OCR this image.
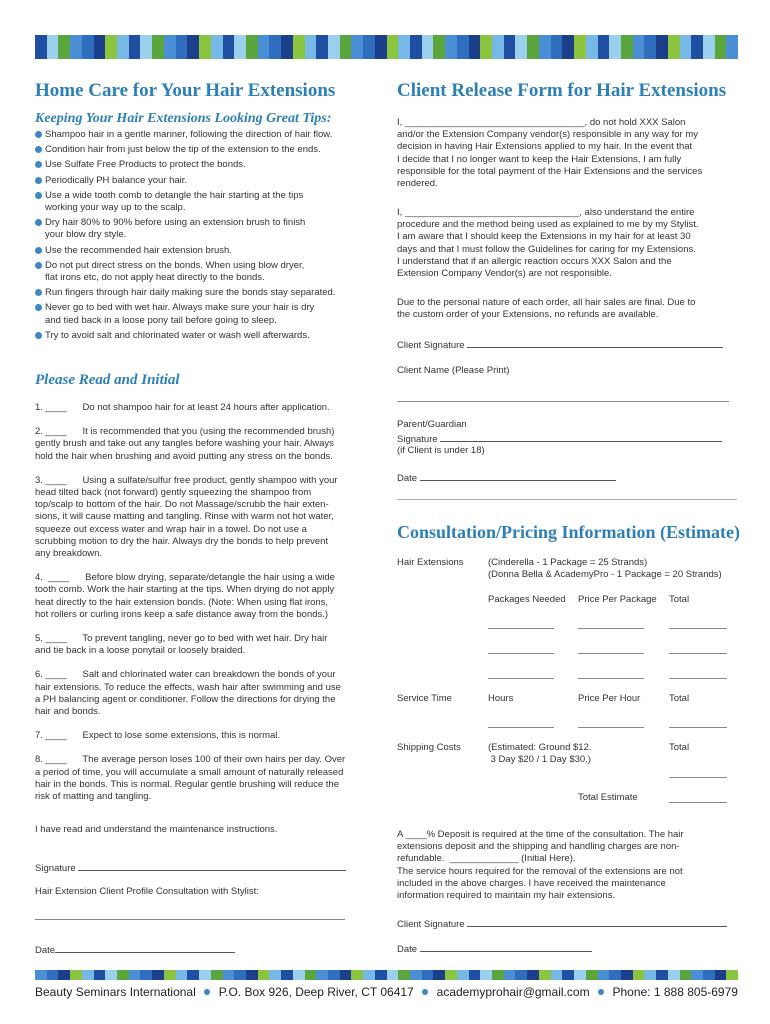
Home Care for Your Hair Extensions
Keeping Your Hair Extensions Looking Great Tips:
Shampoo hair in a gentle manner, following the direction of hair flow.
Condition hair from just below the tip of the extension to the ends.
Use Sulfate Free Products to protect the bonds.
Periodically PH balance your hair.
Use a wide tooth comb to detangle the hair starting at the tips
working your way up to the scalp.
Dry hair 80% to 90% before using an extension brush to finish
your blow dry style.
Use the recommended hair extension brush.
Do not put direct stress on the bonds. When using blow dryer,
flat irons etc, do not apply heat directly to the bonds.
Run fingers through hair daily making sure the bonds stay separated.
Never go to bed with wet hair. Always make sure your hair is dry
and tied back in a loose pony tail before going to sleep.
Try to avoid salt and chlorinated water or wash well afterwards.
Please Read and Initial

1. ____      Do not shampoo hair for at least 24 hours after application.

2. ____      It is recommended that you (using the recommended brush)

gently brush and take out any tangles before washing your hair. Always

hold the hair when brushing and avoid putting any stress on the bonds.

3. ____      Using a sulfate/sulfur free product, gently shampoo with your

head tilted back (not forward) gently squeezing the shampoo from

top/scalp to bottom of the hair. Do not Massage/scrubb the hair exten-

sions, it will cause matting and tangling. Rinse with warm not hot water,

squeeze out excess water and wrap hair in a towel. Do not use a

scrubbing motion to dry the hair. Always dry the bonds to help prevent

any breakdown.

4.  ____      Before blow drying, separate/detangle the hair using a wide

tooth comb. Work the hair starting at the tips. When drying do not apply

heat directly to the hair extension bonds. (Note: When using flat irons,

hot rollers or curling irons keep a safe distance away from the bonds.)

5. ____      To prevent tangling, never go to bed with wet hair. Dry hair

and tie back in a loose ponytail or loosely braided.

6. ____      Salt and chlorinated water can breakdown the bonds of your

hair extensions. To reduce the effects, wash hair after swimming and use

a PH balancing agent or conditioner. Follow the directions for drying the

hair and bonds.

7. ____      Expect to lose some extensions, this is normal.

8. ____      The average person loses 100 of their own hairs per day. Over

a period of time, you will accumulate a small amount of naturally released

hair in the bonds. This is normal. Regular gentle brushing will reduce the

risk of matting and tangling.

I have read and understand the maintenance instructions.

Signature

Hair Extension Client Profile Consultation with Stylist:

Date
Client Release Form for Hair Extensions

I, __________________________________, do not hold XXX Salon

and/or the Extension Company vendor(s) responsible in any way for my

decision in having Hair Extensions applied to my hair. In the event that

I decide that I no longer want to keep the Hair Extensions, I am fully

responsible for the total payment of the Hair Extensions and the services

rendered.

I, _________________________________, also understand the entire

procedure and the method being used as explained to me by my Stylist.

I am aware that I should keep the Extensions in my hair for at least 30

days and that I must follow the Guidelines for caring for my Extensions.

I understand that if an allergic reaction occurs XXX Salon and the

Extension Company Vendor(s) are not responsible.

Due to the personal nature of each order, all hair sales are final. Due to

the custom order of your Extensions, no refunds are available.

Client Signature

Client Name (Please Print)

Parent/Guardian

Signature

(if Client is under 18)

Date
Consultation/Pricing Information (Estimate)

Hair Extensions	(Cinderella - 1 Package = 25 Strands)

(Donna Bella & AcademyPro - 1 Package = 20 Strands)

Packages Needed Price Per Package Total

Service Time	Hours	Price Per Hour	Total

Shipping Costs	(Estimated: Ground $12.

3 Day $20 / 1 Day $30.)

Total

Total Estimate

A ____% Deposit is required at the time of the consultation. The hair

extensions deposit and the shipping and handling charges are non-

refundable.  _____________ (Initial Here).

The service hours required for the removal of the extensions are not

included in the above charges. I have received the maintenance

information required to maintain my hair extensions.

Client Signature
Date
Beauty Seminars International P.O. Box 926, Deep River, CT 06417 academyprohair@gmail.com Phone: 1 888 805-6979
